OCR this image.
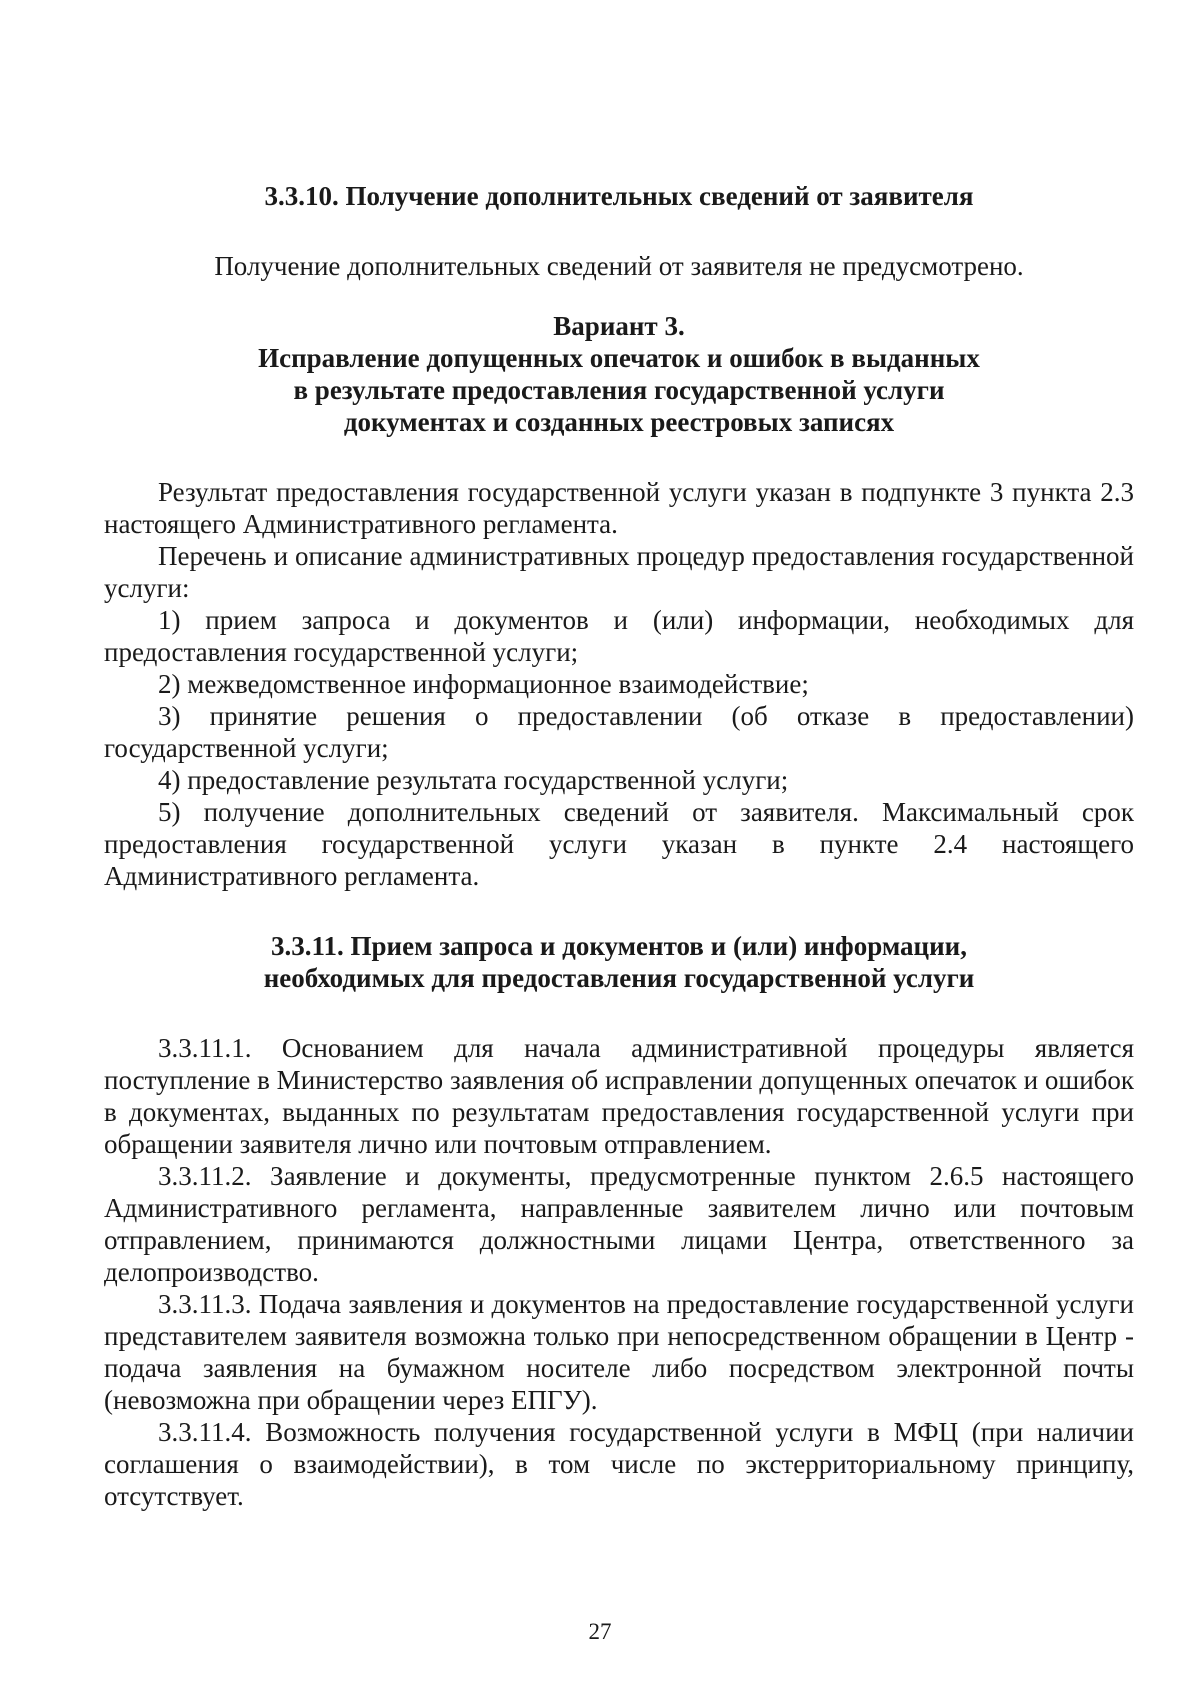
3.3.10. Получение дополнительных сведений от заявителя

Получение дополнительных сведений от заявителя не предусмотрено.

Вариант 3.
Исправление допущенных опечаток и ошибок в выданных
в результате предоставления государственной услуги
документах и созданных реестровых записях

Результат предоставления государственной услуги указан в подпункте 3 пункта 2.3 настоящего Административного регламента.

Перечень и описание административных процедур предоставления государственной услуги:

1) прием запроса и документов и (или) информации, необходимых для предоставления государственной услуги;

2) межведомственное информационное взаимодействие;

3) принятие решения о предоставлении (об отказе в предоставлении) государственной услуги;

4) предоставление результата государственной услуги;

5) получение дополнительных сведений от заявителя. Максимальный срок предоставления государственной услуги указан в пункте 2.4 настоящего Административного регламента.

3.3.11. Прием запроса и документов и (или) информации,
необходимых для предоставления государственной услуги

3.3.11.1. Основанием для начала административной процедуры является поступление в Министерство заявления об исправлении допущенных опечаток и ошибок в документах, выданных по результатам предоставления государственной услуги при обращении заявителя лично или почтовым отправлением.

3.3.11.2. Заявление и документы, предусмотренные пунктом 2.6.5 настоящего Административного регламента, направленные заявителем лично или почтовым отправлением, принимаются должностными лицами Центра, ответственного за делопроизводство.

3.3.11.3. Подача заявления и документов на предоставление государственной услуги представителем заявителя возможна только при непосредственном обращении в Центр - подача заявления на бумажном носителе либо посредством электронной почты (невозможна при обращении через ЕПГУ).

3.3.11.4. Возможность получения государственной услуги в МФЦ (при наличии соглашения о взаимодействии), в том числе по экстерриториальному принципу, отсутствует.

27
